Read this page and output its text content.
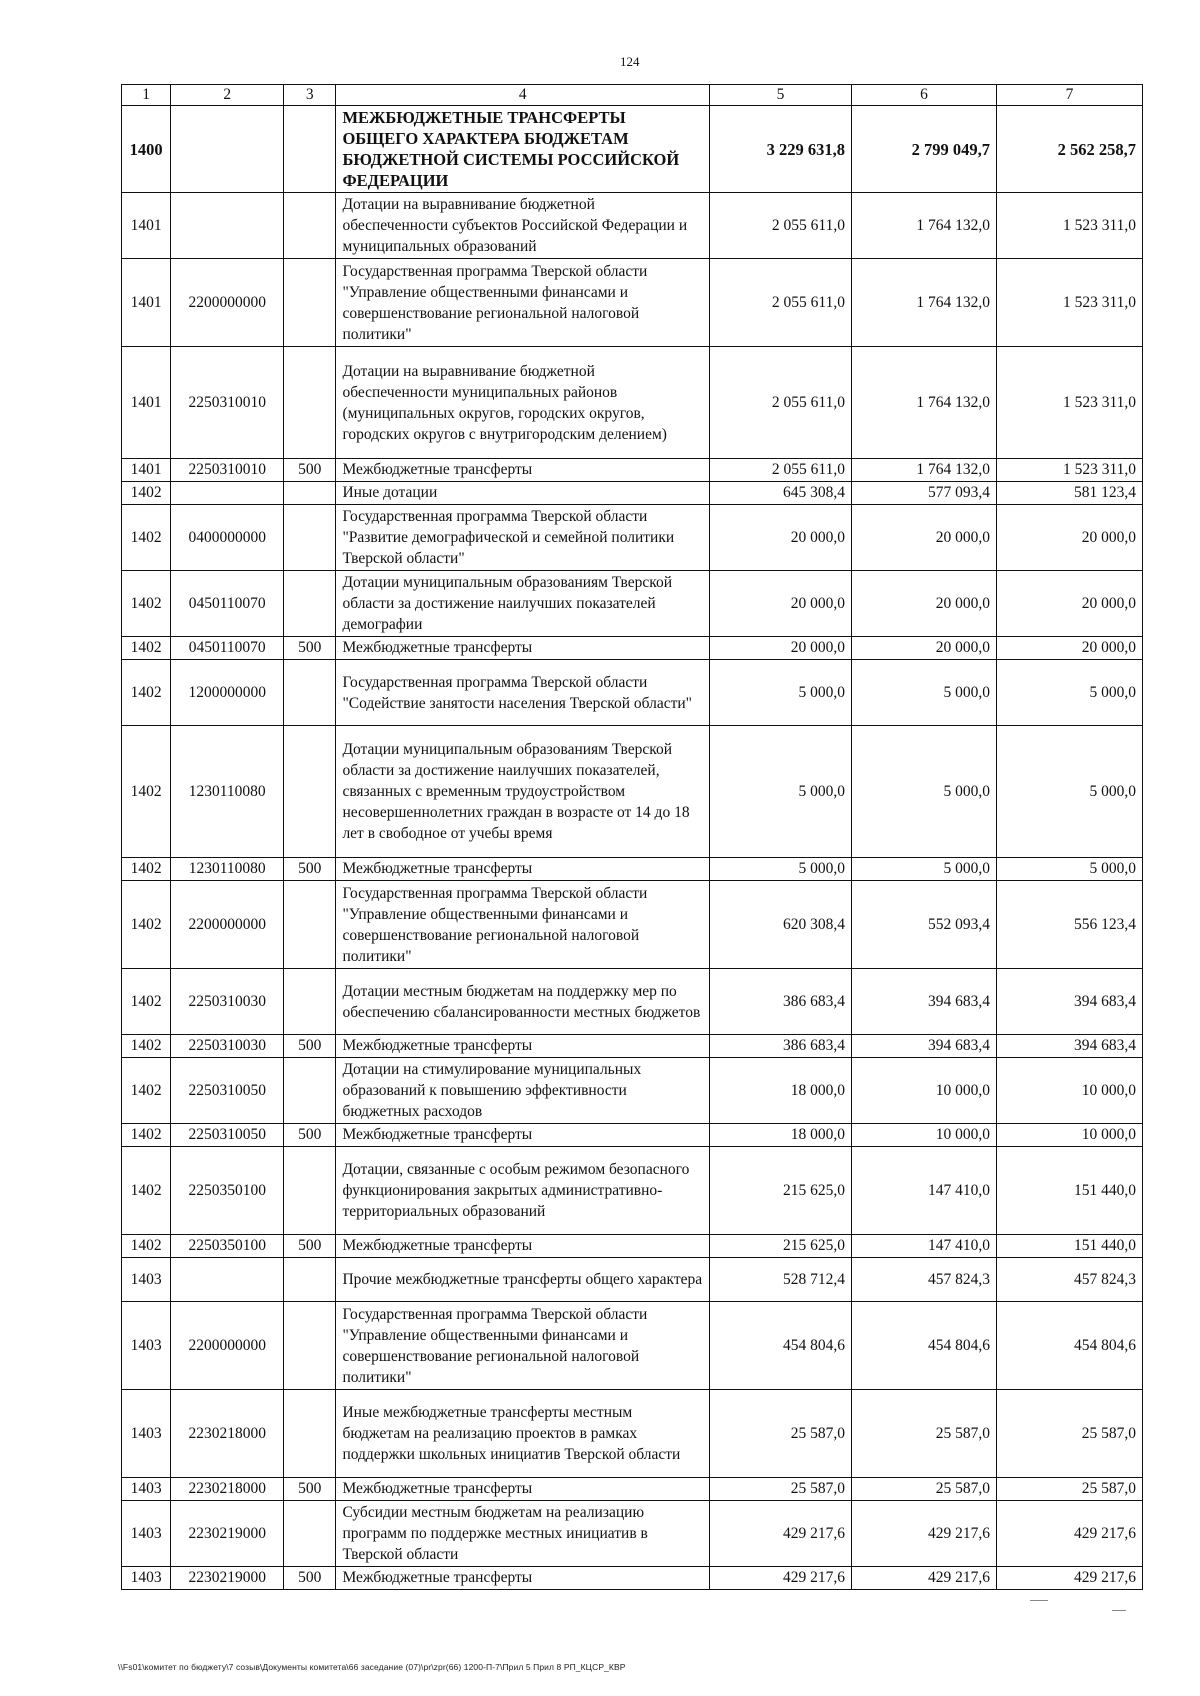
124
1	2	3	4	5	6	7
1400			МЕЖБЮДЖЕТНЫЕ ТРАНСФЕРТЫ ОБЩЕГО ХАРАКТЕРА БЮДЖЕТАМ БЮДЖЕТНОЙ СИСТЕМЫ РОССИЙСКОЙ ФЕДЕРАЦИИ	3 229 631,8	2 799 049,7	2 562 258,7
1401			Дотации на выравнивание бюджетной обеспеченности субъектов Российской Федерации и муниципальных образований	2 055 611,0	1 764 132,0	1 523 311,0
1401	2200000000		Государственная программа Тверской области "Управление общественными финансами и совершенствование региональной налоговой политики"	2 055 611,0	1 764 132,0	1 523 311,0
1401	2250310010		Дотации на выравнивание бюджетной обеспеченности муниципальных районов (муниципальных округов, городских округов, городских округов с внутригородским делением)	2 055 611,0	1 764 132,0	1 523 311,0
1401	2250310010	500	Межбюджетные трансферты	2 055 611,0	1 764 132,0	1 523 311,0
1402			Иные дотации	645 308,4	577 093,4	581 123,4
1402	0400000000		Государственная программа Тверской области "Развитие демографической и семейной политики Тверской области"	20 000,0	20 000,0	20 000,0
1402	0450110070		Дотации муниципальным образованиям Тверской области за достижение наилучших показателей демографии	20 000,0	20 000,0	20 000,0
1402	0450110070	500	Межбюджетные трансферты	20 000,0	20 000,0	20 000,0
1402	1200000000		Государственная программа Тверской области "Содействие занятости населения Тверской области"	5 000,0	5 000,0	5 000,0
1402	1230110080		Дотации муниципальным образованиям Тверской области за достижение наилучших показателей, связанных с временным трудоустройством несовершеннолетних граждан в возрасте от 14 до 18 лет в свободное от учебы время	5 000,0	5 000,0	5 000,0
1402	1230110080	500	Межбюджетные трансферты	5 000,0	5 000,0	5 000,0
1402	2200000000		Государственная программа Тверской области "Управление общественными финансами и совершенствование региональной налоговой политики"	620 308,4	552 093,4	556 123,4
1402	2250310030		Дотации местным бюджетам на поддержку мер по обеспечению сбалансированности местных бюджетов	386 683,4	394 683,4	394 683,4
1402	2250310030	500	Межбюджетные трансферты	386 683,4	394 683,4	394 683,4
1402	2250310050		Дотации на стимулирование муниципальных образований к повышению эффективности бюджетных расходов	18 000,0	10 000,0	10 000,0
1402	2250310050	500	Межбюджетные трансферты	18 000,0	10 000,0	10 000,0
1402	2250350100		Дотации, связанные с особым режимом безопасного функционирования закрытых административно-территориальных образований	215 625,0	147 410,0	151 440,0
1402	2250350100	500	Межбюджетные трансферты	215 625,0	147 410,0	151 440,0
1403			Прочие межбюджетные трансферты общего характера	528 712,4	457 824,3	457 824,3
1403	2200000000		Государственная программа Тверской области "Управление общественными финансами и совершенствование региональной налоговой политики"	454 804,6	454 804,6	454 804,6
1403	2230218000		Иные межбюджетные трансферты местным бюджетам на реализацию проектов в рамках поддержки школьных инициатив Тверской области	25 587,0	25 587,0	25 587,0
1403	2230218000	500	Межбюджетные трансферты	25 587,0	25 587,0	25 587,0
1403	2230219000		Субсидии местным бюджетам на реализацию программ по поддержке местных инициатив в Тверской области	429 217,6	429 217,6	429 217,6
1403	2230219000	500	Межбюджетные трансферты	429 217,6	429 217,6	429 217,6
\\Fs01\комитет по бюджету\7 созыв\Документы комитета\66 заседание (07)\pr\zpr(66) 1200-П-7\Прил 5 Прил 8 РП_КЦСР_КВР
